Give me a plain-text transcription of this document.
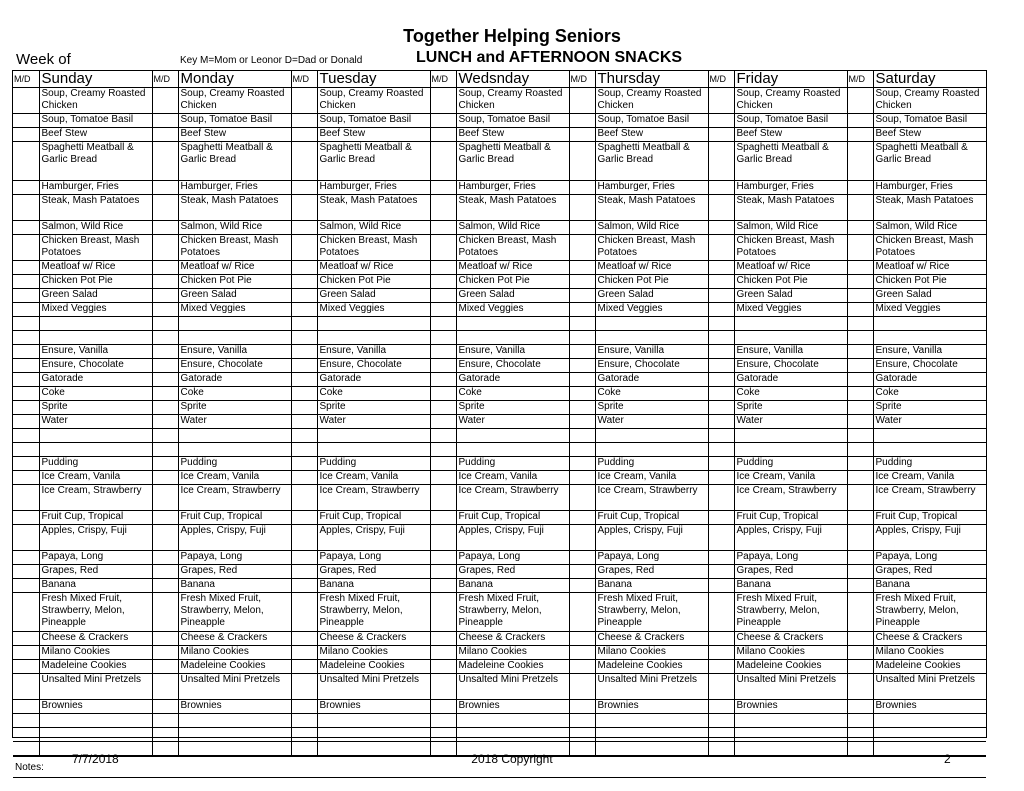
Together Helping Seniors
Week of	Key M=Mom or Leonor D=Dad or Donald	LUNCH and AFTERNOON SNACKS
M/D	Sunday	M/D	Monday	M/D	Tuesday	M/D	Wedsnday	M/D	Thursday	M/D	Friday	M/D	Saturday
	Soup, Creamy Roasted Chicken		Soup, Creamy Roasted Chicken		Soup, Creamy Roasted Chicken		Soup, Creamy Roasted Chicken		Soup, Creamy Roasted Chicken		Soup, Creamy Roasted Chicken		Soup, Creamy Roasted Chicken
	Soup, Tomatoe Basil		Soup, Tomatoe Basil		Soup, Tomatoe Basil		Soup, Tomatoe Basil		Soup, Tomatoe Basil		Soup, Tomatoe Basil		Soup, Tomatoe Basil
	Beef Stew		Beef Stew		Beef Stew		Beef Stew		Beef Stew		Beef Stew		Beef Stew
	Spaghetti Meatball & Garlic Bread		Spaghetti Meatball & Garlic Bread		Spaghetti Meatball & Garlic Bread		Spaghetti Meatball & Garlic Bread		Spaghetti Meatball & Garlic Bread		Spaghetti Meatball & Garlic Bread		Spaghetti Meatball & Garlic Bread
	Hamburger, Fries		Hamburger, Fries		Hamburger, Fries		Hamburger, Fries		Hamburger, Fries		Hamburger, Fries		Hamburger, Fries
	Steak, Mash Patatoes		Steak, Mash Patatoes		Steak, Mash Patatoes		Steak, Mash Patatoes		Steak, Mash Patatoes		Steak, Mash Patatoes		Steak, Mash Patatoes
	Salmon, Wild Rice		Salmon, Wild Rice		Salmon, Wild Rice		Salmon, Wild Rice		Salmon, Wild Rice		Salmon, Wild Rice		Salmon, Wild Rice
	Chicken Breast, Mash Potatoes		Chicken Breast, Mash Potatoes		Chicken Breast, Mash Potatoes		Chicken Breast, Mash Potatoes		Chicken Breast, Mash Potatoes		Chicken Breast, Mash Potatoes		Chicken Breast, Mash Potatoes
	Meatloaf w/ Rice		Meatloaf w/ Rice		Meatloaf w/ Rice		Meatloaf w/ Rice		Meatloaf w/ Rice		Meatloaf w/ Rice		Meatloaf w/ Rice
	Chicken Pot Pie		Chicken Pot Pie		Chicken Pot Pie		Chicken Pot Pie		Chicken Pot Pie		Chicken Pot Pie		Chicken Pot Pie
	Green Salad		Green Salad		Green Salad		Green Salad		Green Salad		Green Salad		Green Salad
	Mixed Veggies		Mixed Veggies		Mixed Veggies		Mixed Veggies		Mixed Veggies		Mixed Veggies		Mixed Veggies

	Ensure, Vanilla		Ensure, Vanilla		Ensure, Vanilla		Ensure, Vanilla		Ensure, Vanilla		Ensure, Vanilla		Ensure, Vanilla
	Ensure, Chocolate		Ensure, Chocolate		Ensure, Chocolate		Ensure, Chocolate		Ensure, Chocolate		Ensure, Chocolate		Ensure, Chocolate
	Gatorade		Gatorade		Gatorade		Gatorade		Gatorade		Gatorade		Gatorade
	Coke		Coke		Coke		Coke		Coke		Coke		Coke
	Sprite		Sprite		Sprite		Sprite		Sprite		Sprite		Sprite
	Water		Water		Water		Water		Water		Water		Water

	Pudding		Pudding		Pudding		Pudding		Pudding		Pudding		Pudding
	Ice Cream, Vanila		Ice Cream, Vanila		Ice Cream, Vanila		Ice Cream, Vanila		Ice Cream, Vanila		Ice Cream, Vanila		Ice Cream, Vanila
	Ice Cream, Strawberry		Ice Cream, Strawberry		Ice Cream, Strawberry		Ice Cream, Strawberry		Ice Cream, Strawberry		Ice Cream, Strawberry		Ice Cream, Strawberry
	Fruit Cup, Tropical		Fruit Cup, Tropical		Fruit Cup, Tropical		Fruit Cup, Tropical		Fruit Cup, Tropical		Fruit Cup, Tropical		Fruit Cup, Tropical
	Apples, Crispy, Fuji		Apples, Crispy, Fuji		Apples, Crispy, Fuji		Apples, Crispy, Fuji		Apples, Crispy, Fuji		Apples, Crispy, Fuji		Apples, Crispy, Fuji
	Papaya, Long		Papaya, Long		Papaya, Long		Papaya, Long		Papaya, Long		Papaya, Long		Papaya, Long
	Grapes, Red		Grapes, Red		Grapes, Red		Grapes, Red		Grapes, Red		Grapes, Red		Grapes, Red
	Banana		Banana		Banana		Banana		Banana		Banana		Banana
	Fresh Mixed Fruit, Strawberry, Melon, Pineapple		Fresh Mixed Fruit, Strawberry, Melon, Pineapple		Fresh Mixed Fruit, Strawberry, Melon, Pineapple		Fresh Mixed Fruit, Strawberry, Melon, Pineapple		Fresh Mixed Fruit, Strawberry, Melon, Pineapple		Fresh Mixed Fruit, Strawberry, Melon, Pineapple		Fresh Mixed Fruit, Strawberry, Melon, Pineapple
	Cheese & Crackers		Cheese & Crackers		Cheese & Crackers		Cheese & Crackers		Cheese & Crackers		Cheese & Crackers		Cheese & Crackers
	Milano Cookies		Milano Cookies		Milano Cookies		Milano Cookies		Milano Cookies		Milano Cookies		Milano Cookies
	Madeleine Cookies		Madeleine Cookies		Madeleine Cookies		Madeleine Cookies		Madeleine Cookies		Madeleine Cookies		Madeleine Cookies
	Unsalted Mini Pretzels		Unsalted Mini Pretzels		Unsalted Mini Pretzels		Unsalted Mini Pretzels		Unsalted Mini Pretzels		Unsalted Mini Pretzels		Unsalted Mini Pretzels
	Brownies		Brownies		Brownies		Brownies		Brownies		Brownies		Brownies

Notes:
7/7/2018	2018 Copyright	2
